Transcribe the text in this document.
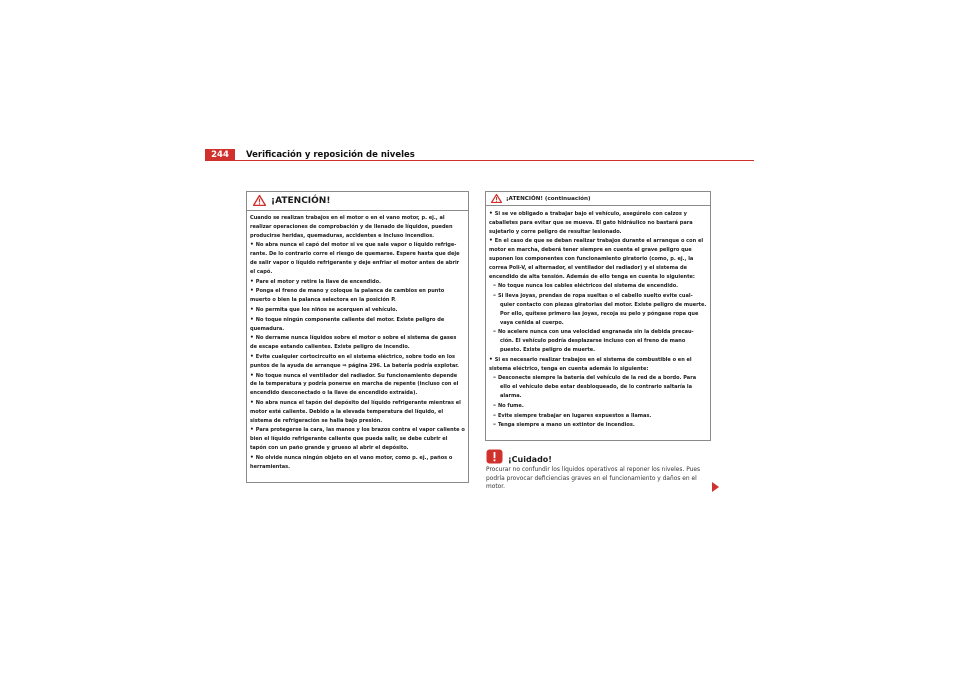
244	Verificación y reposición de niveles
¡ATENCIÓN!

Cuando se realizan trabajos en el motor o en el vano motor, p. ej., al realizar operaciones de comprobación y de llenado de líquidos, pueden producirse heridas, quemaduras, accidentes e incluso incendios.

• No abra nunca el capó del motor si ve que sale vapor o líquido refrige-rante. De lo contrario corre el riesgo de quemarse. Espere hasta que deje de salir vapor o líquido refrigerante y deje enfriar el motor antes de abrir el capó.

• Pare el motor y retire la llave de encendido.

• Ponga el freno de mano y coloque la palanca de cambios en punto muerto o bien la palanca selectora en la posición P.

• No permita que los niños se acerquen al vehículo.

• No toque ningún componente caliente del motor. Existe peligro de quemadura.

• No derrame nunca líquidos sobre el motor o sobre el sistema de gases de escape estando calientes. Existe peligro de incendio.

• Evite cualquier cortocircuito en el sistema eléctrico, sobre todo en los puntos de la ayuda de arranque ⇒ página 296. La batería podría explotar.

• No toque nunca el ventilador del radiador. Su funcionamiento depende de la temperatura y podría ponerse en marcha de repente (incluso con el encendido desconectado o la llave de encendido extraída).

• No abra nunca el tapón del depósito del líquido refrigerante mientras el motor esté caliente. Debido a la elevada temperatura del líquido, el sistema de refrigeración se halla bajo presión.

• Para protegerse la cara, las manos y los brazos contra el vapor caliente o bien el líquido refrigerante caliente que pueda salir, se debe cubrir el tapón con un paño grande y grueso al abrir el depósito.

• No olvide nunca ningún objeto en el vano motor, como p. ej., paños o herramientas.

¡ATENCIÓN! (continuación)

• Si se ve obligado a trabajar bajo el vehículo, asegúrelo con calzos y caballetes para evitar que se mueva. El gato hidráulico no bastará para sujetarlo y corre peligro de resultar lesionado.

• En el caso de que se deban realizar trabajos durante el arranque o con el motor en marcha, deberá tener siempre en cuenta el grave peligro que suponen los componentes con funcionamiento giratorio (como, p. ej., la correa Poli-V, el alternador, el ventilador del radiador) y el sistema de encendido de alta tensión. Además de ello tenga en cuenta lo siguiente:

– No toque nunca los cables eléctricos del sistema de encendido.

– Si lleva joyas, prendas de ropa sueltas o el cabello suelto evite cual-quier contacto con piezas giratorias del motor. Existe peligro de muerte. Por ello, quítese primero las joyas, recoja su pelo y póngase ropa que vaya ceñida al cuerpo.

– No acelere nunca con una velocidad engranada sin la debida precau-ción. El vehículo podría desplazarse incluso con el freno de mano puesto. Existe peligro de muerte.

• Si es necesario realizar trabajos en el sistema de combustible o en el sistema eléctrico, tenga en cuenta además lo siguiente:

– Desconecte siempre la batería del vehículo de la red de a bordo. Para ello el vehículo debe estar desbloqueado, de lo contrario saltaría la alarma.

– No fume.

– Evite siempre trabajar en lugares expuestos a llamas.

– Tenga siempre a mano un extintor de incendios.

¡Cuidado!
Procurar no confundir los líquidos operativos al reponer los niveles. Pues podría provocar deficiencias graves en el funcionamiento y daños en el motor.
